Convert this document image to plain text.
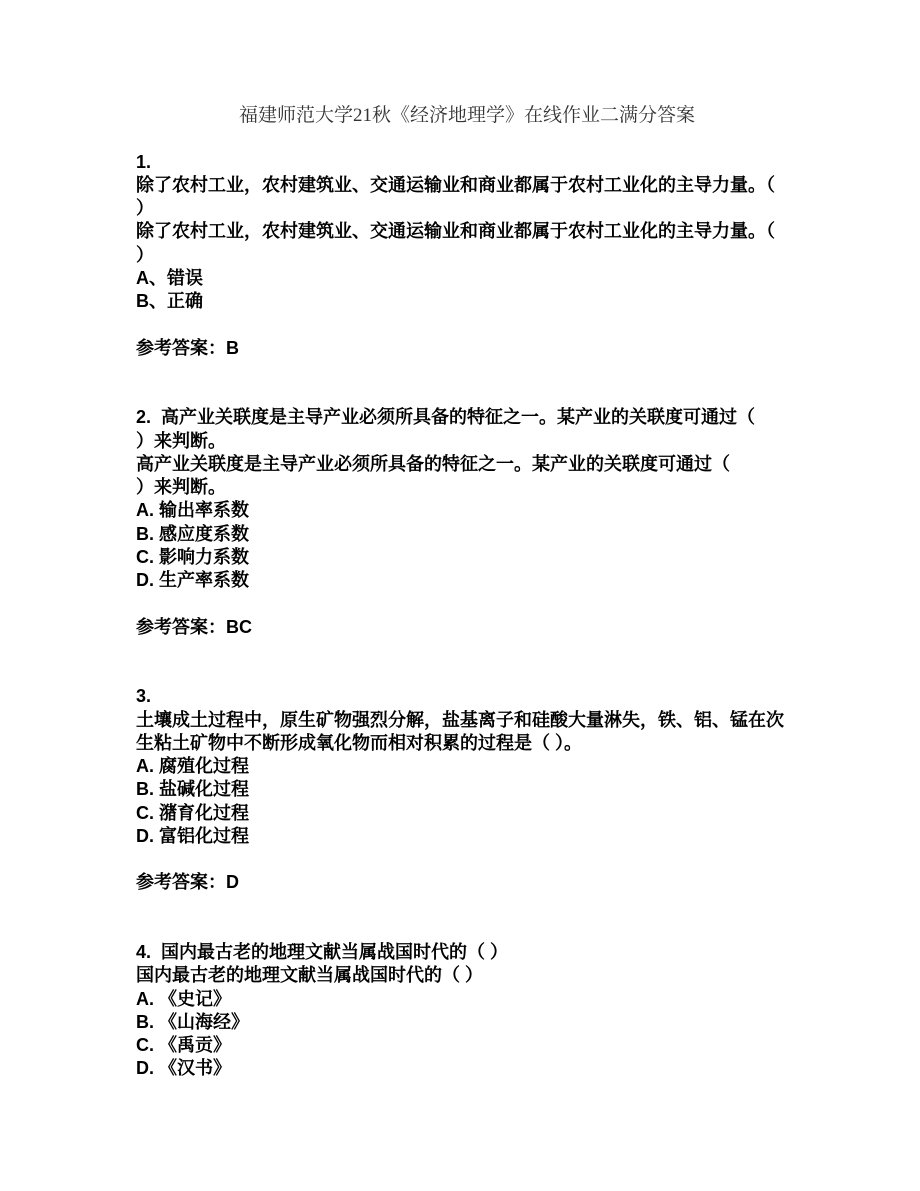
福建师范大学21秋《经济地理学》在线作业二满分答案
1.
除了农村工业，农村建筑业、交通运输业和商业都属于农村工业化的主导力量。（
）
除了农村工业，农村建筑业、交通运输业和商业都属于农村工业化的主导力量。（
）
A、错误
B、正确
参考答案：B
2.  高产业关联度是主导产业必须所具备的特征之一。某产业的关联度可通过（
）来判断。
高产业关联度是主导产业必须所具备的特征之一。某产业的关联度可通过（
）来判断。
A. 输出率系数
B. 感应度系数
C. 影响力系数
D. 生产率系数
参考答案：BC
3.
土壤成土过程中，原生矿物强烈分解，盐基离子和硅酸大量淋失，铁、铝、锰在次
生粘土矿物中不断形成氧化物而相对积累的过程是（ ）。
A. 腐殖化过程
B. 盐碱化过程
C. 潴育化过程
D. 富铝化过程
参考答案：D
4.  国内最古老的地理文献当属战国时代的（ ）
国内最古老的地理文献当属战国时代的（ ）
A. 《史记》
B. 《山海经》
C. 《禹贡》
D. 《汉书》
